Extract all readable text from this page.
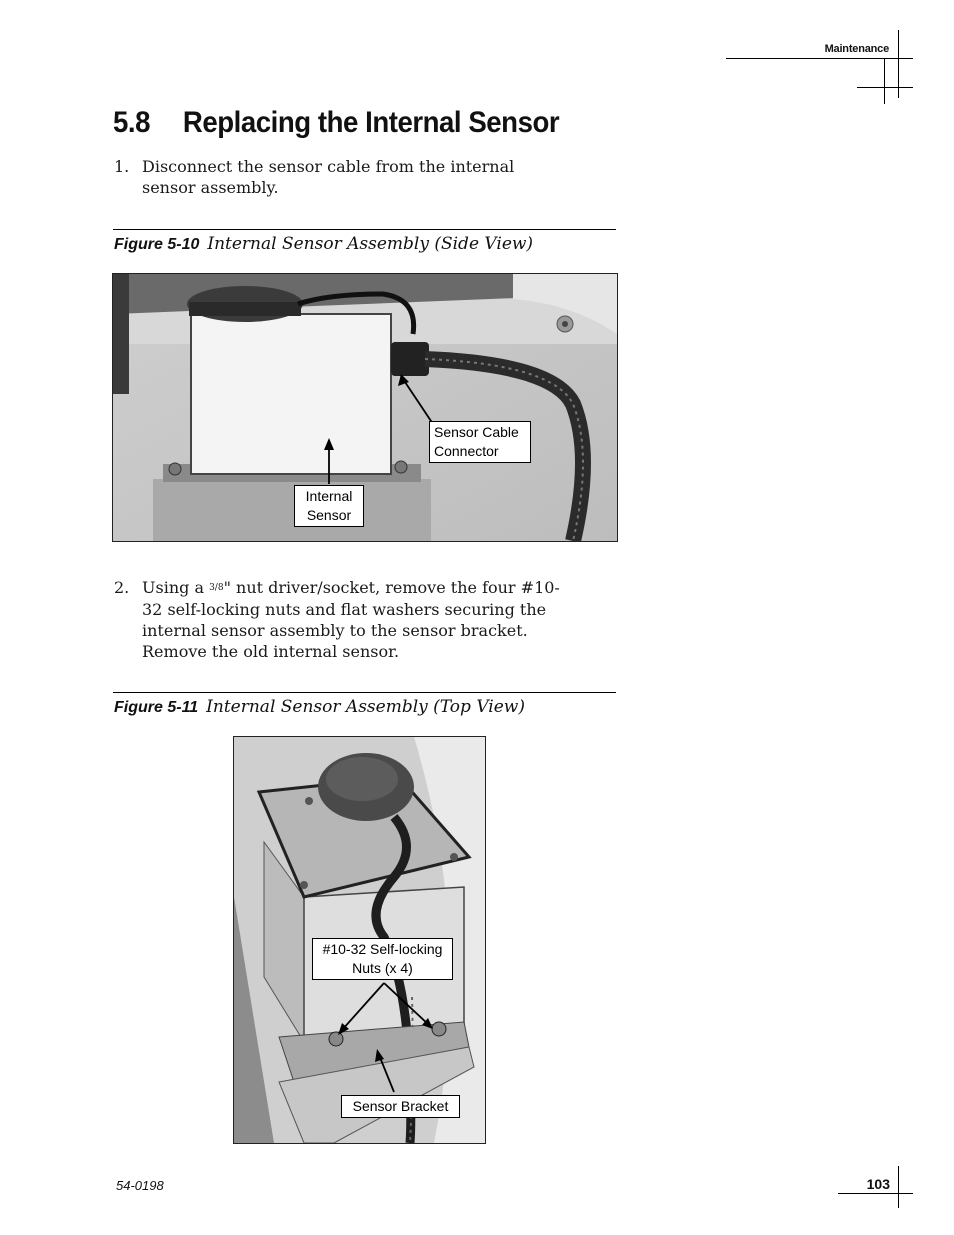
Maintenance
5.8 Replacing the Internal Sensor
1. Disconnect the sensor cable from the internal sensor assembly.
Figure 5-10 Internal Sensor Assembly (Side View)
Sensor Cable
Connector
Internal
Sensor
2. Using a 3/8" nut driver/socket, remove the four #10-32 self-locking nuts and flat washers securing the internal sensor assembly to the sensor bracket. Remove the old internal sensor.
Figure 5-11 Internal Sensor Assembly (Top View)
#10-32 Self-locking
Nuts (x 4)
Sensor Bracket
54-0198	103
